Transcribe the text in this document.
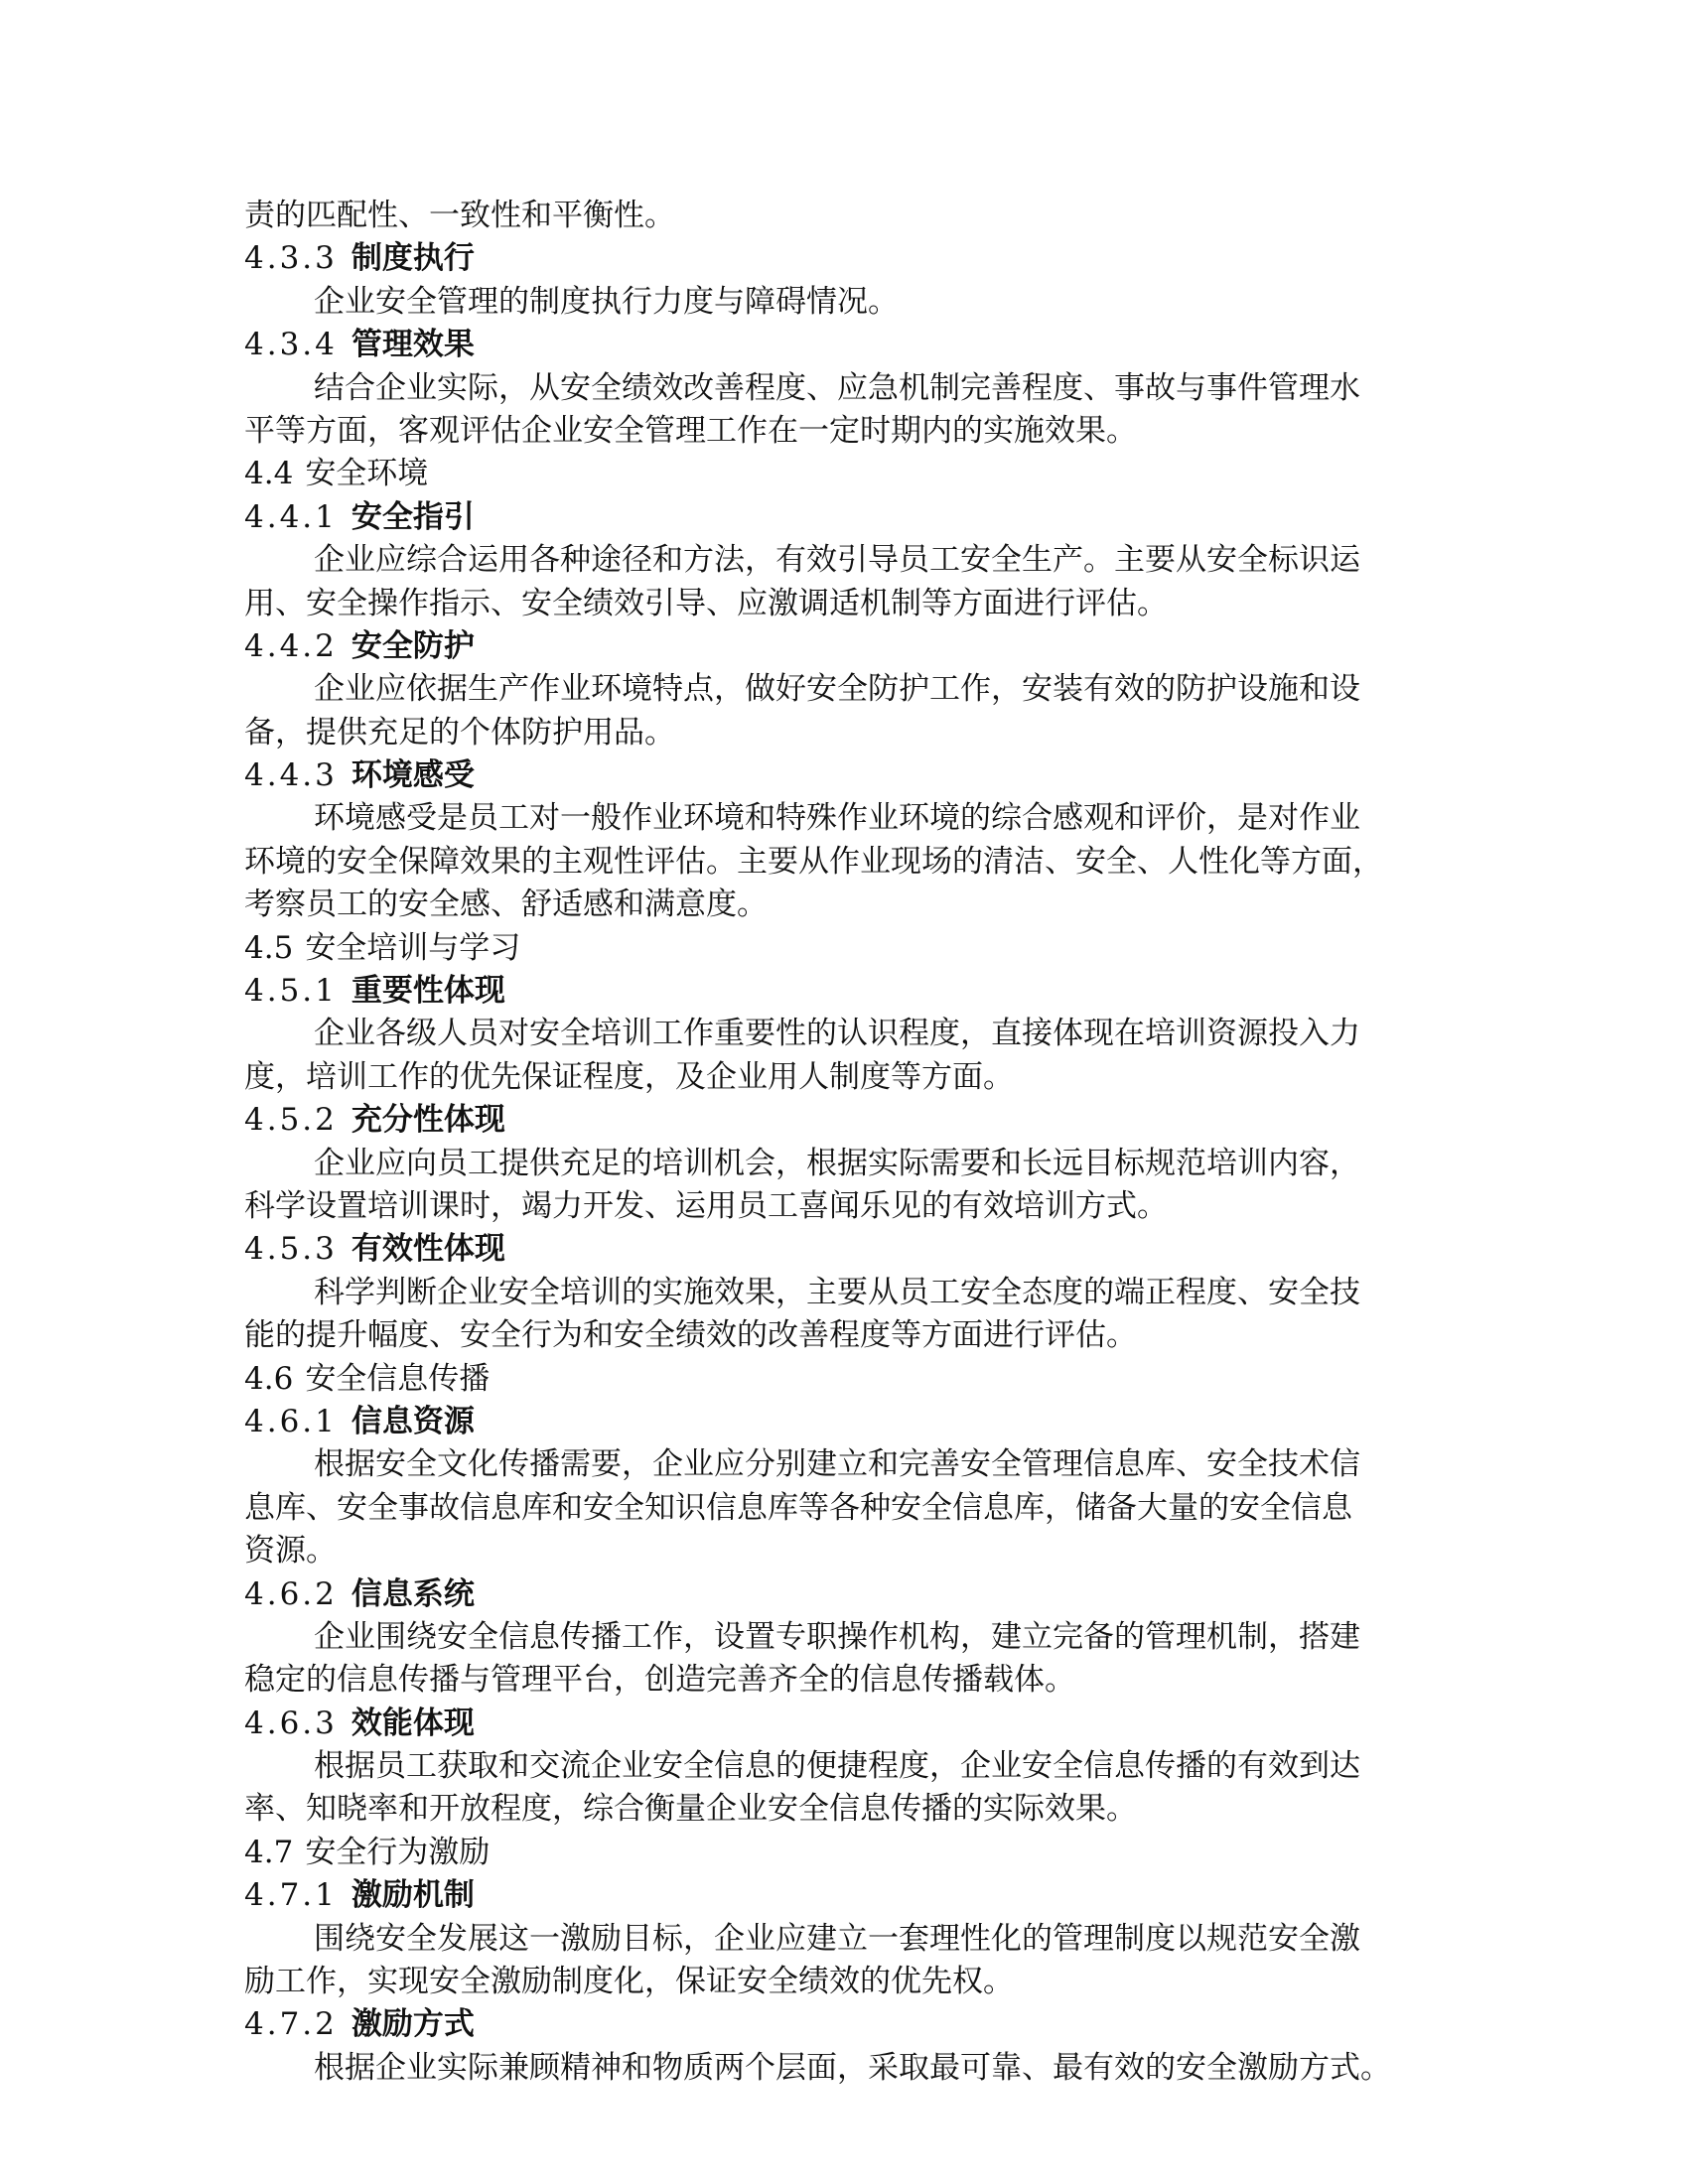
责的匹配性、一致性和平衡性。
4.3.3 制度执行
企业安全管理的制度执行力度与障碍情况。
4.3.4 管理效果
结合企业实际，从安全绩效改善程度、应急机制完善程度、事故与事件管理水
平等方面，客观评估企业安全管理工作在一定时期内的实施效果。
4.4 安全环境
4.4.1 安全指引
企业应综合运用各种途径和方法，有效引导员工安全生产。主要从安全标识运
用、安全操作指示、安全绩效引导、应激调适机制等方面进行评估。
4.4.2 安全防护
企业应依据生产作业环境特点，做好安全防护工作，安装有效的防护设施和设
备，提供充足的个体防护用品。
4.4.3 环境感受
环境感受是员工对一般作业环境和特殊作业环境的综合感观和评价，是对作业
环境的安全保障效果的主观性评估。主要从作业现场的清洁、安全、人性化等方面，
考察员工的安全感、舒适感和满意度。
4.5 安全培训与学习
4.5.1 重要性体现
企业各级人员对安全培训工作重要性的认识程度，直接体现在培训资源投入力
度，培训工作的优先保证程度，及企业用人制度等方面。
4.5.2 充分性体现
企业应向员工提供充足的培训机会，根据实际需要和长远目标规范培训内容，
科学设置培训课时，竭力开发、运用员工喜闻乐见的有效培训方式。
4.5.3 有效性体现
科学判断企业安全培训的实施效果，主要从员工安全态度的端正程度、安全技
能的提升幅度、安全行为和安全绩效的改善程度等方面进行评估。
4.6 安全信息传播
4.6.1 信息资源
根据安全文化传播需要，企业应分别建立和完善安全管理信息库、安全技术信
息库、安全事故信息库和安全知识信息库等各种安全信息库，储备大量的安全信息
资源。
4.6.2 信息系统
企业围绕安全信息传播工作，设置专职操作机构，建立完备的管理机制，搭建
稳定的信息传播与管理平台，创造完善齐全的信息传播载体。
4.6.3 效能体现
根据员工获取和交流企业安全信息的便捷程度，企业安全信息传播的有效到达
率、知晓率和开放程度，综合衡量企业安全信息传播的实际效果。
4.7 安全行为激励
4.7.1 激励机制
围绕安全发展这一激励目标，企业应建立一套理性化的管理制度以规范安全激
励工作，实现安全激励制度化，保证安全绩效的优先权。
4.7.2 激励方式
根据企业实际兼顾精神和物质两个层面，采取最可靠、最有效的安全激励方式。
